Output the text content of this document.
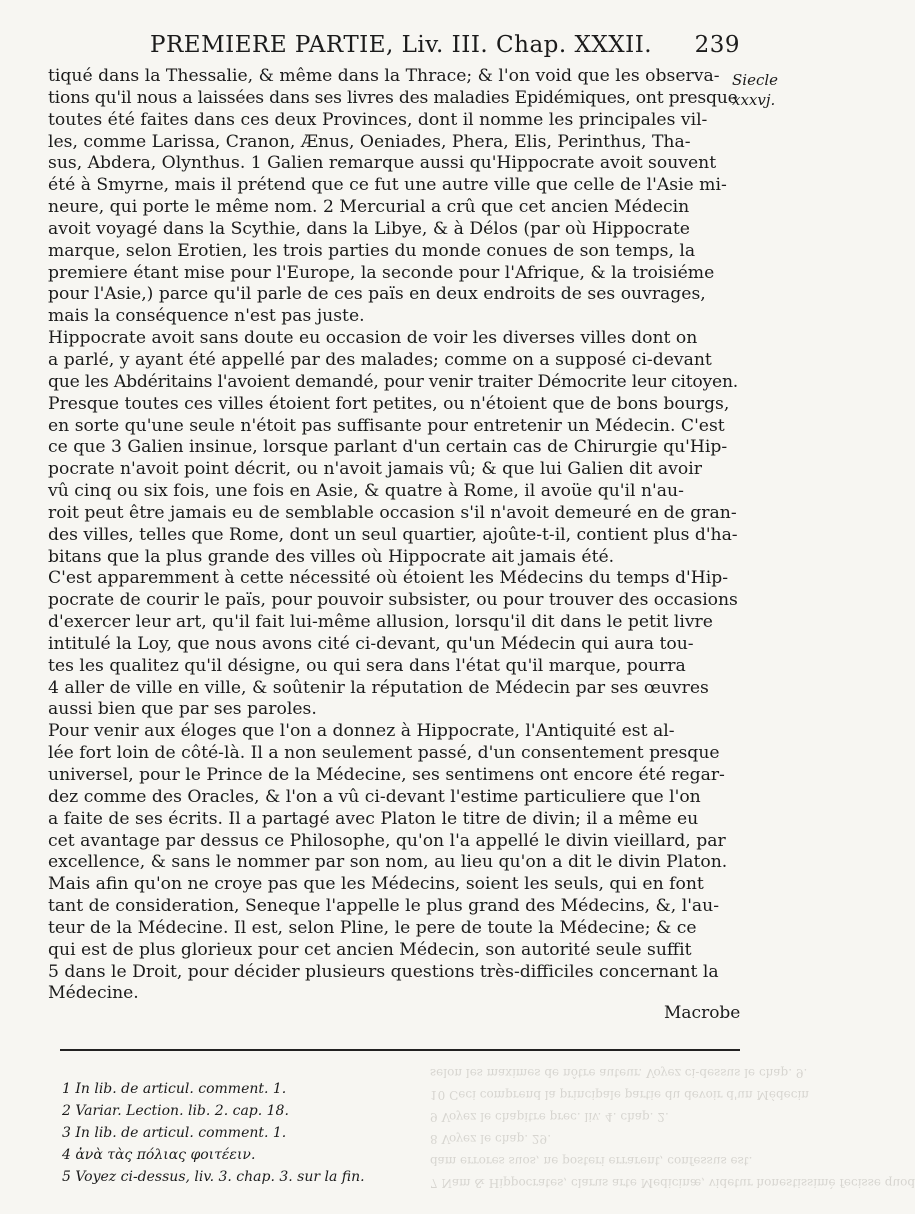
PREMIERE PARTIE, Liv. III. Chap. XXXII. 239
Siecle
xxxvj.
tiqué dans la Thessalie, & même dans la Thrace; & l'on void que les observa-
tions qu'il nous a laissées dans ses livres des maladies Epidémiques, ont presque
toutes été faites dans ces deux Provinces, dont il nomme les principales vil-
les, comme Larissa, Cranon, Ænus, Oeniades, Phera, Elis, Perinthus, Tha-
sus, Abdera, Olynthus. 1 Galien remarque aussi qu'Hippocrate avoit souvent
été à Smyrne, mais il prétend que ce fut une autre ville que celle de l'Asie mi-
neure, qui porte le même nom. 2 Mercurial a crû que cet ancien Médecin
avoit voyagé dans la Scythie, dans la Libye, & à Délos (par où Hippocrate
marque, selon Erotien, les trois parties du monde conues de son temps, la
premiere étant mise pour l'Europe, la seconde pour l'Afrique, & la troisiéme
pour l'Asie,) parce qu'il parle de ces païs en deux endroits de ses ouvrages,
mais la conséquence n'est pas juste.
Hippocrate avoit sans doute eu occasion de voir les diverses villes dont on
a parlé, y ayant été appellé par des malades; comme on a supposé ci-devant
que les Abdéritains l'avoient demandé, pour venir traiter Démocrite leur citoyen.
Presque toutes ces villes étoient fort petites, ou n'étoient que de bons bourgs,
en sorte qu'une seule n'étoit pas suffisante pour entretenir un Médecin. C'est
ce que 3 Galien insinue, lorsque parlant d'un certain cas de Chirurgie qu'Hip-
pocrate n'avoit point décrit, ou n'avoit jamais vû; & que lui Galien dit avoir
vû cinq ou six fois, une fois en Asie, & quatre à Rome, il avoüe qu'il n'au-
roit peut être jamais eu de semblable occasion s'il n'avoit demeuré en de gran-
des villes, telles que Rome, dont un seul quartier, ajoûte-t-il, contient plus d'ha-
bitans que la plus grande des villes où Hippocrate ait jamais été.
C'est apparemment à cette nécessité où étoient les Médecins du temps d'Hip-
pocrate de courir le païs, pour pouvoir subsister, ou pour trouver des occasions
d'exercer leur art, qu'il fait lui-même allusion, lorsqu'il dit dans le petit livre
intitulé la Loy, que nous avons cité ci-devant, qu'un Médecin qui aura tou-
tes les qualitez qu'il désigne, ou qui sera dans l'état qu'il marque, pourra
4 aller de ville en ville, & soûtenir la réputation de Médecin par ses œuvres
aussi bien que par ses paroles.
Pour venir aux éloges que l'on a donnez à Hippocrate, l'Antiquité est al-
lée fort loin de côté-là. Il a non seulement passé, d'un consentement presque
universel, pour le Prince de la Médecine, ses sentimens ont encore été regar-
dez comme des Oracles, & l'on a vû ci-devant l'estime particuliere que l'on
a faite de ses écrits. Il a partagé avec Platon le titre de divin; il a même eu
cet avantage par dessus ce Philosophe, qu'on l'a appellé le divin vieillard, par
excellence, & sans le nommer par son nom, au lieu qu'on a dit le divin Platon.
Mais afin qu'on ne croye pas que les Médecins, soient les seuls, qui en font
tant de consideration, Seneque l'appelle le plus grand des Médecins, &, l'au-
teur de la Médecine. Il est, selon Pline, le pere de toute la Médecine; & ce
qui est de plus glorieux pour cet ancien Médecin, son autorité seule suffit
5 dans le Droit, pour décider plusieurs questions très-difficiles concernant la
Médecine.
Macrobe
7 Nam & Hippocrates, clarus arte Medicinæ, videtur honestissimè fecisse quod
dam errores suos, ne posteri errarent, confessus est.
8 Voyez le chap. 29.
9 Voyez le chapitre prec. liv. 4. chap. 2.
10 Ceci comprend la principale partie du devoir d'un Médecin
selon les maximes de nôtre auteur. Voyez ci-dessus le chap. 9.
1 In lib. de articul. comment. 1.
2 Variar. Lection. lib. 2. cap. 18.
3 In lib. de articul. comment. 1.
4 ἀνὰ τὰς πόλιας φοιτέειν.
5 Voyez ci-dessus, liv. 3. chap. 3. sur la fin.
